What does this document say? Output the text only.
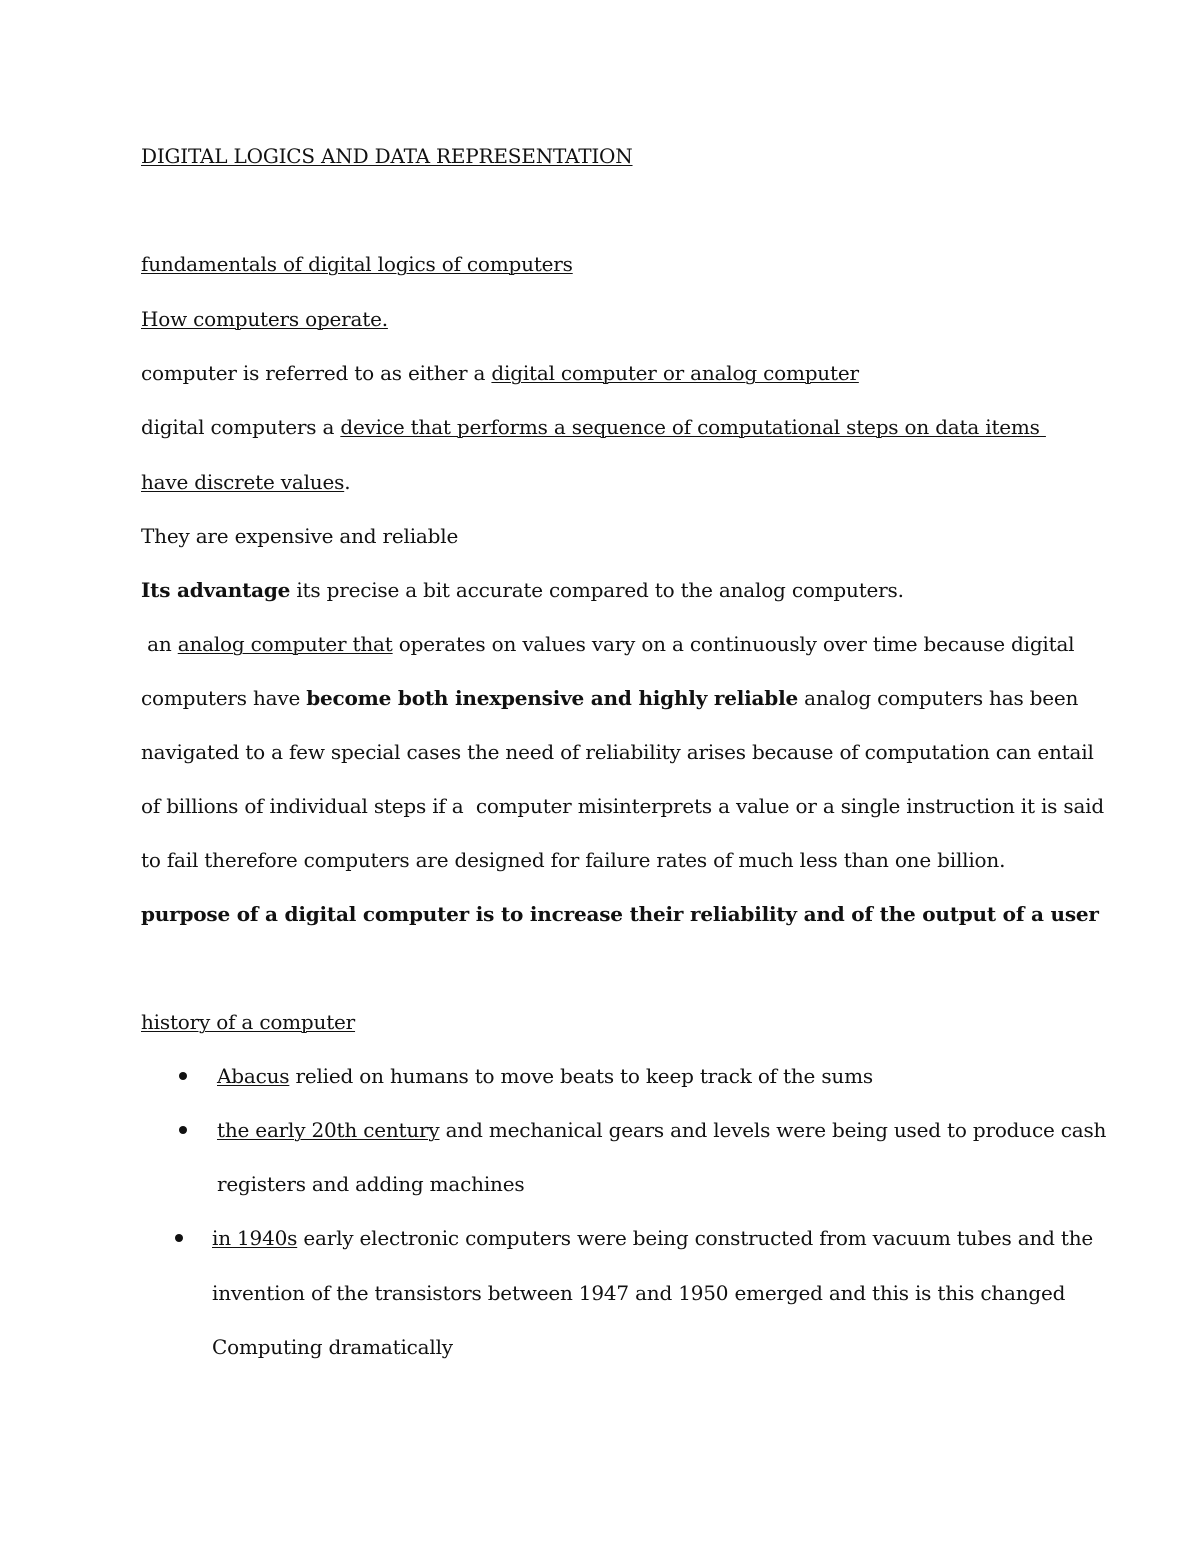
DIGITAL LOGICS AND DATA REPRESENTATION
fundamentals of digital logics of computers
How computers operate.
computer is referred to as either a digital computer or analog computer
digital computers a device that performs a sequence of computational steps on data items
have discrete values.
They are expensive and reliable
Its advantage its precise a bit accurate compared to the analog computers.
an analog computer that operates on values vary on a continuously over time because digital
computers have become both inexpensive and highly reliable analog computers has been
navigated to a few special cases the need of reliability arises because of computation can entail
of billions of individual steps if a  computer misinterprets a value or a single instruction it is said
to fail therefore computers are designed for failure rates of much less than one billion.
purpose of a digital computer is to increase their reliability and of the output of a user
history of a computer
Abacus relied on humans to move beats to keep track of the sums
the early 20th century and mechanical gears and levels were being used to produce cash
registers and adding machines
in 1940s early electronic computers were being constructed from vacuum tubes and the
invention of the transistors between 1947 and 1950 emerged and this is this changed
Computing dramatically
